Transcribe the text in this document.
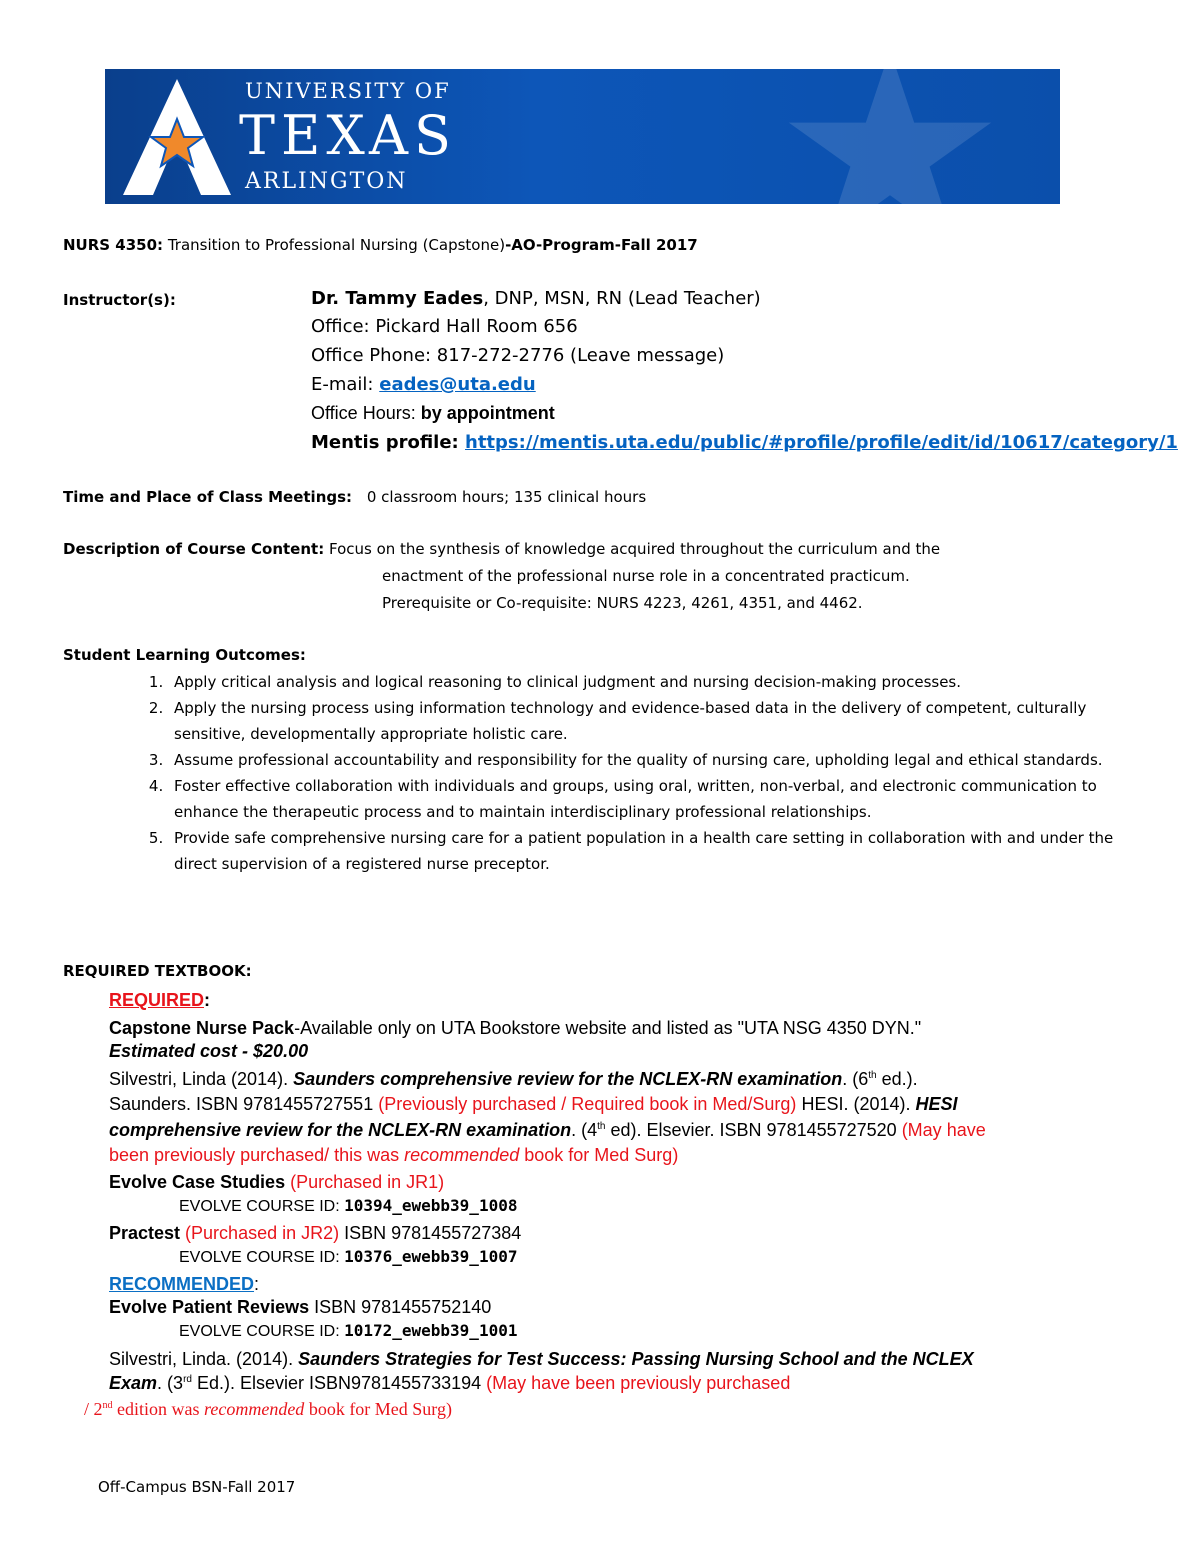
UNIVERSITY OF
TEXAS
ARLINGTON
NURS 4350: Transition to Professional Nursing (Capstone)-AO-Program-Fall 2017
Instructor(s):	Dr. Tammy Eades, DNP, MSN, RN (Lead Teacher)
Office: Pickard Hall Room 656
Office Phone: 817-272-2776 (Leave message)
E-mail: eades@uta.edu
Office Hours: by appointment
Mentis profile: https://mentis.uta.edu/public/#profile/profile/edit/id/10617/category/1
Time and Place of Class Meetings: 0 classroom hours; 135 clinical hours
Description of Course Content: Focus on the synthesis of knowledge acquired throughout the curriculum and the
enactment of the professional nurse role in a concentrated practicum.
Prerequisite or Co-requisite: NURS 4223, 4261, 4351, and 4462.
Student Learning Outcomes:
1. Apply critical analysis and logical reasoning to clinical judgment and nursing decision-making processes.
2. Apply the nursing process using information technology and evidence-based data in the delivery of competent, culturally sensitive, developmentally appropriate holistic care.
3. Assume professional accountability and responsibility for the quality of nursing care, upholding legal and ethical standards.
4. Foster effective collaboration with individuals and groups, using oral, written, non-verbal, and electronic communication to enhance the therapeutic process and to maintain interdisciplinary professional relationships.
5. Provide safe comprehensive nursing care for a patient population in a health care setting in collaboration with and under the direct supervision of a registered nurse preceptor.
REQUIRED TEXTBOOK:
REQUIRED:
Capstone Nurse Pack-Available only on UTA Bookstore website and listed as "UTA NSG 4350 DYN."
Estimated cost - $20.00
Silvestri, Linda (2014). Saunders comprehensive review for the NCLEX-RN examination. (6th ed.).
Saunders. ISBN 9781455727551 (Previously purchased / Required book in Med/Surg) HESI. (2014). HESI
comprehensive review for the NCLEX-RN examination. (4th ed). Elsevier. ISBN 9781455727520 (May have
been previously purchased/ this was recommended book for Med Surg)
Evolve Case Studies (Purchased in JR1)
EVOLVE COURSE ID: 10394_ewebb39_1008
Practest (Purchased in JR2) ISBN 9781455727384
EVOLVE COURSE ID: 10376_ewebb39_1007
RECOMMENDED:
Evolve Patient Reviews ISBN 9781455752140
EVOLVE COURSE ID: 10172_ewebb39_1001
Silvestri, Linda. (2014). Saunders Strategies for Test Success: Passing Nursing School and the NCLEX
Exam. (3rd Ed.). Elsevier ISBN9781455733194 (May have been previously purchased
/ 2nd edition was recommended book for Med Surg)
Off-Campus BSN-Fall 2017
